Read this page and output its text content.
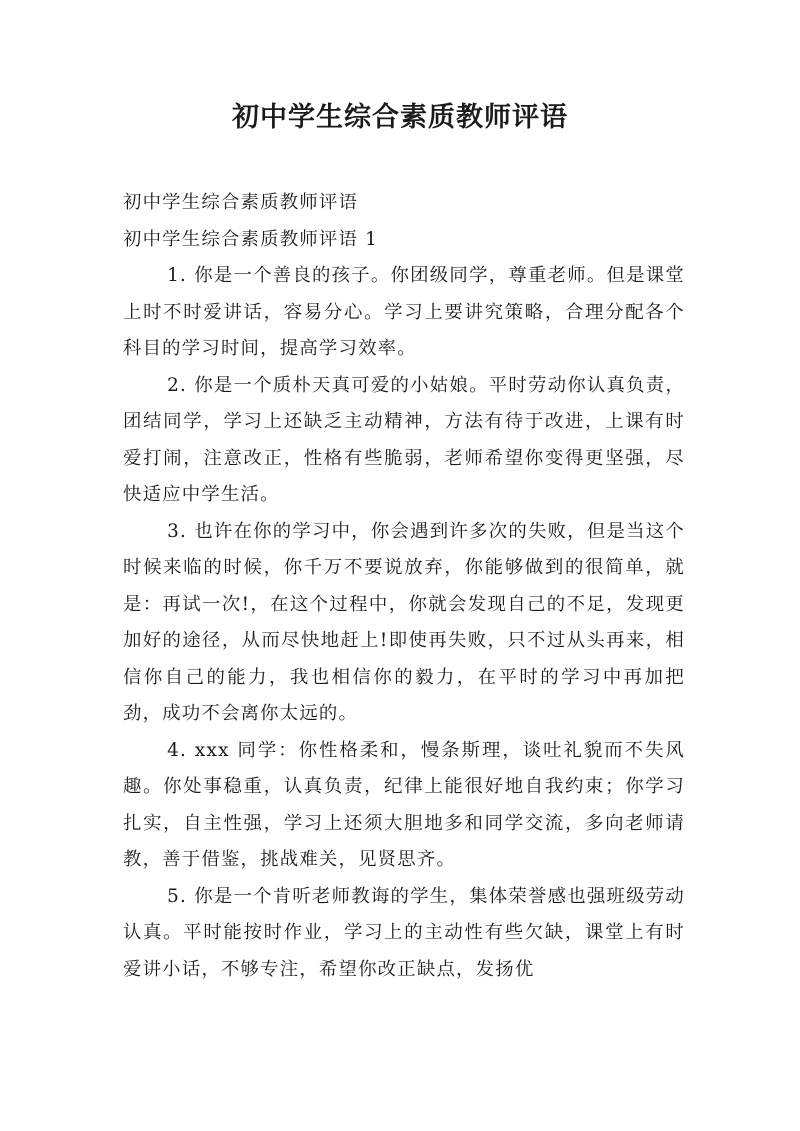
初中学生综合素质教师评语

初中学生综合素质教师评语

初中学生综合素质教师评语 1

1. 你是一个善良的孩子。你团级同学，尊重老师。但是课堂上时不时爱讲话，容易分心。学习上要讲究策略，合理分配各个科目的学习时间，提高学习效率。

2. 你是一个质朴天真可爱的小姑娘。平时劳动你认真负责，团结同学，学习上还缺乏主动精神，方法有待于改进，上课有时爱打闹，注意改正，性格有些脆弱，老师希望你变得更坚强，尽快适应中学生活。

3. 也许在你的学习中，你会遇到许多次的失败，但是当这个时候来临的时候，你千万不要说放弃，你能够做到的很简单，就是：再试一次!，在这个过程中，你就会发现自己的不足，发现更加好的途径，从而尽快地赶上!即使再失败，只不过从头再来，相信你自己的能力，我也相信你的毅力，在平时的学习中再加把劲，成功不会离你太远的。

4. xxx 同学：你性格柔和，慢条斯理，谈吐礼貌而不失风趣。你处事稳重，认真负责，纪律上能很好地自我约束；你学习扎实，自主性强，学习上还须大胆地多和同学交流，多向老师请教，善于借鉴，挑战难关，见贤思齐。

5. 你是一个肯听老师教诲的学生，集体荣誉感也强班级劳动认真。平时能按时作业，学习上的主动性有些欠缺，课堂上有时爱讲小话，不够专注，希望你改正缺点，发扬优
